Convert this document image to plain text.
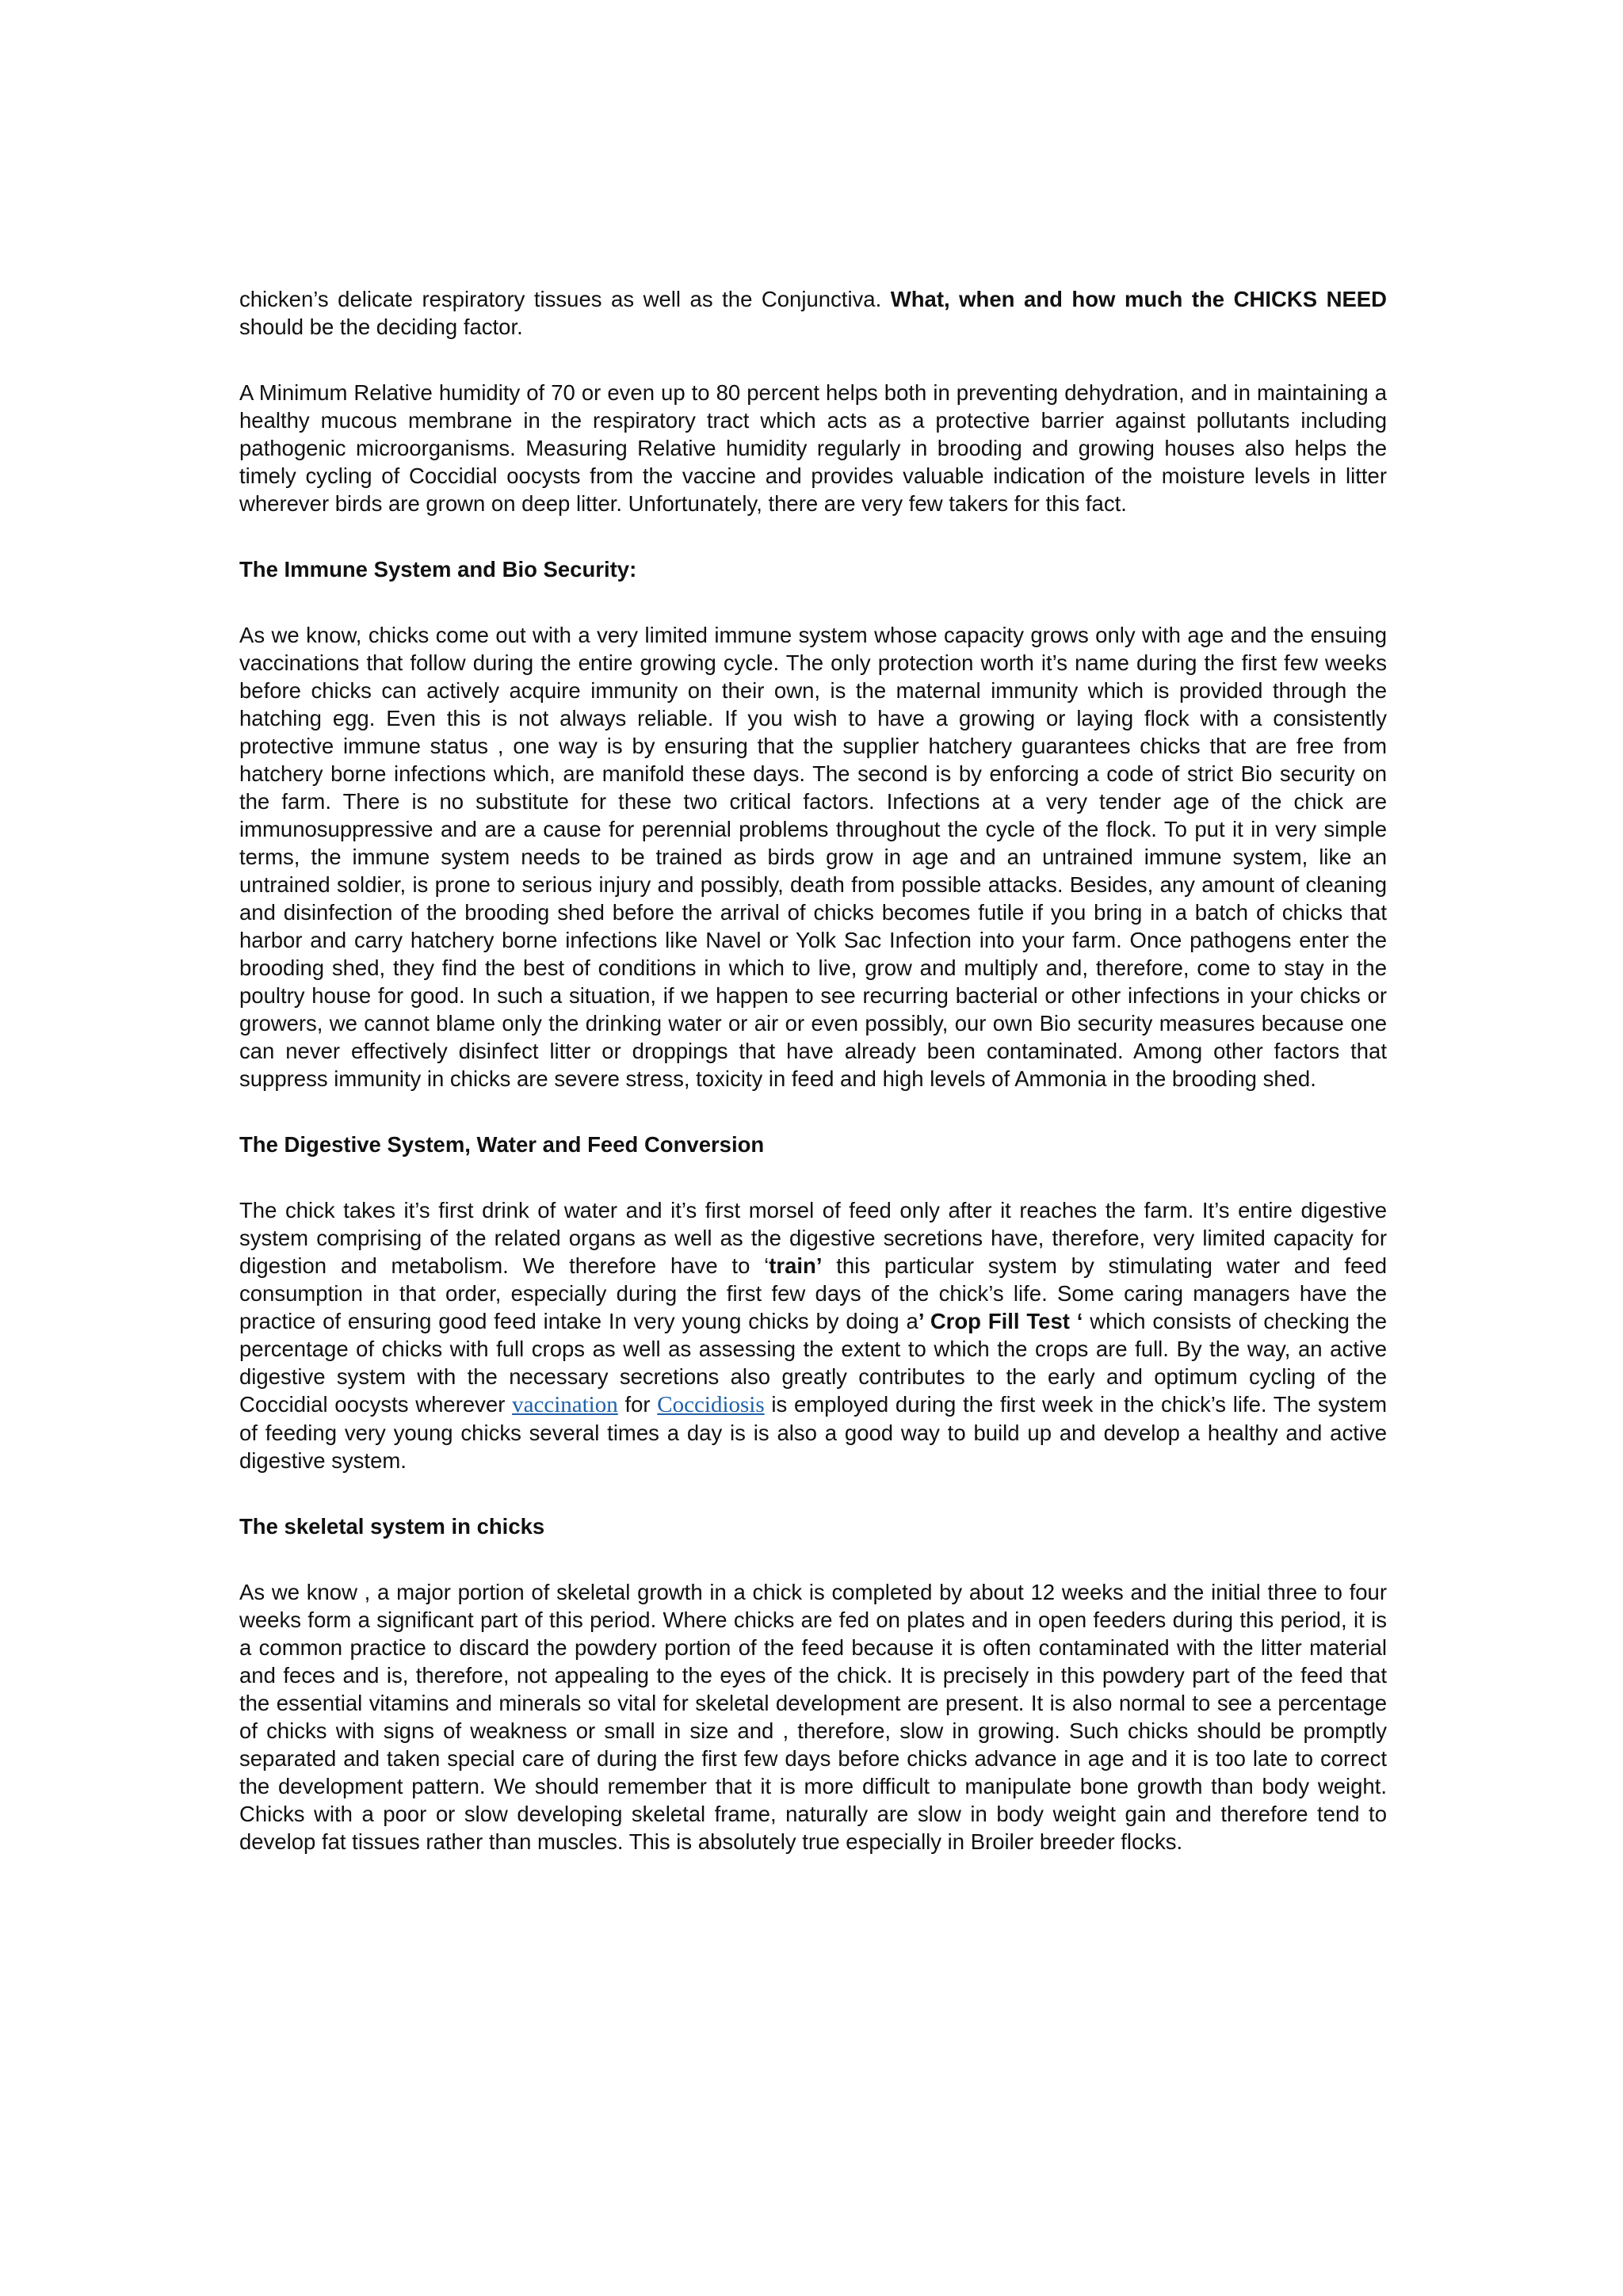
chicken’s delicate respiratory tissues as well as the Conjunctiva. What, when and how much the CHICKS NEED should be the deciding factor.

A Minimum Relative humidity of 70 or even up to 80 percent helps both in preventing dehydration, and in maintaining a healthy mucous membrane in the respiratory tract which acts as a protective barrier against pollutants including pathogenic microorganisms. Measuring Relative humidity regularly in brooding and growing houses also helps the timely cycling of Coccidial oocysts from the vaccine and provides valuable indication of the moisture levels in litter wherever birds are grown on deep litter. Unfortunately, there are very few takers for this fact.

The Immune System and Bio Security:

As we know, chicks come out with a very limited immune system whose capacity grows only with age and the ensuing vaccinations that follow during the entire growing cycle. The only protection worth it’s name during the first few weeks before chicks can actively acquire immunity on their own, is the maternal immunity which is provided through the hatching egg. Even this is not always reliable. If you wish to have a growing or laying flock with a consistently protective immune status , one way is by ensuring that the supplier hatchery guarantees chicks that are free from hatchery borne infections which, are manifold these days. The second is by enforcing a code of strict Bio security on the farm. There is no substitute for these two critical factors. Infections at a very tender age of the chick are immunosuppressive and are a cause for perennial problems throughout the cycle of the flock. To put it in very simple terms, the immune system needs to be trained as birds grow in age and an untrained immune system, like an untrained soldier, is prone to serious injury and possibly, death from possible attacks. Besides, any amount of cleaning and disinfection of the brooding shed before the arrival of chicks becomes futile if you bring in a batch of chicks that harbor and carry hatchery borne infections like Navel or Yolk Sac Infection into your farm. Once pathogens enter the brooding shed, they find the best of conditions in which to live, grow and multiply and, therefore, come to stay in the poultry house for good. In such a situation, if we happen to see recurring bacterial or other infections in your chicks or growers, we cannot blame only the drinking water or air or even possibly, our own Bio security measures because one can never effectively disinfect litter or droppings that have already been contaminated. Among other factors that suppress immunity in chicks are severe stress, toxicity in feed and high levels of Ammonia in the brooding shed.

The Digestive System, Water and Feed Conversion

The chick takes it’s first drink of water and it’s first morsel of feed only after it reaches the farm. It’s entire digestive system comprising of the related organs as well as the digestive secretions have, therefore, very limited capacity for digestion and metabolism. We therefore have to ‘train’ this particular system by stimulating water and feed consumption in that order, especially during the first few days of the chick’s life. Some caring managers have the practice of ensuring good feed intake In very young chicks by doing a’ Crop Fill Test ‘ which consists of checking the percentage of chicks with full crops as well as assessing the extent to which the crops are full. By the way, an active digestive system with the necessary secretions also greatly contributes to the early and optimum cycling of the Coccidial oocysts wherever vaccination for Coccidiosis is employed during the first week in the chick’s life. The system of feeding very young chicks several times a day is is also a good way to build up and develop a healthy and active digestive system.

The skeletal system in chicks

As we know , a major portion of skeletal growth in a chick is completed by about 12 weeks and the initial three to four weeks form a significant part of this period. Where chicks are fed on plates and in open feeders during this period, it is a common practice to discard the powdery portion of the feed because it is often contaminated with the litter material and feces and is, therefore, not appealing to the eyes of the chick. It is precisely in this powdery part of the feed that the essential vitamins and minerals so vital for skeletal development are present. It is also normal to see a percentage of chicks with signs of weakness or small in size and , therefore, slow in growing. Such chicks should be promptly separated and taken special care of during the first few days before chicks advance in age and it is too late to correct the development pattern. We should remember that it is more difficult to manipulate bone growth than body weight. Chicks with a poor or slow developing skeletal frame, naturally are slow in body weight gain and therefore tend to develop fat tissues rather than muscles. This is absolutely true especially in Broiler breeder flocks.
